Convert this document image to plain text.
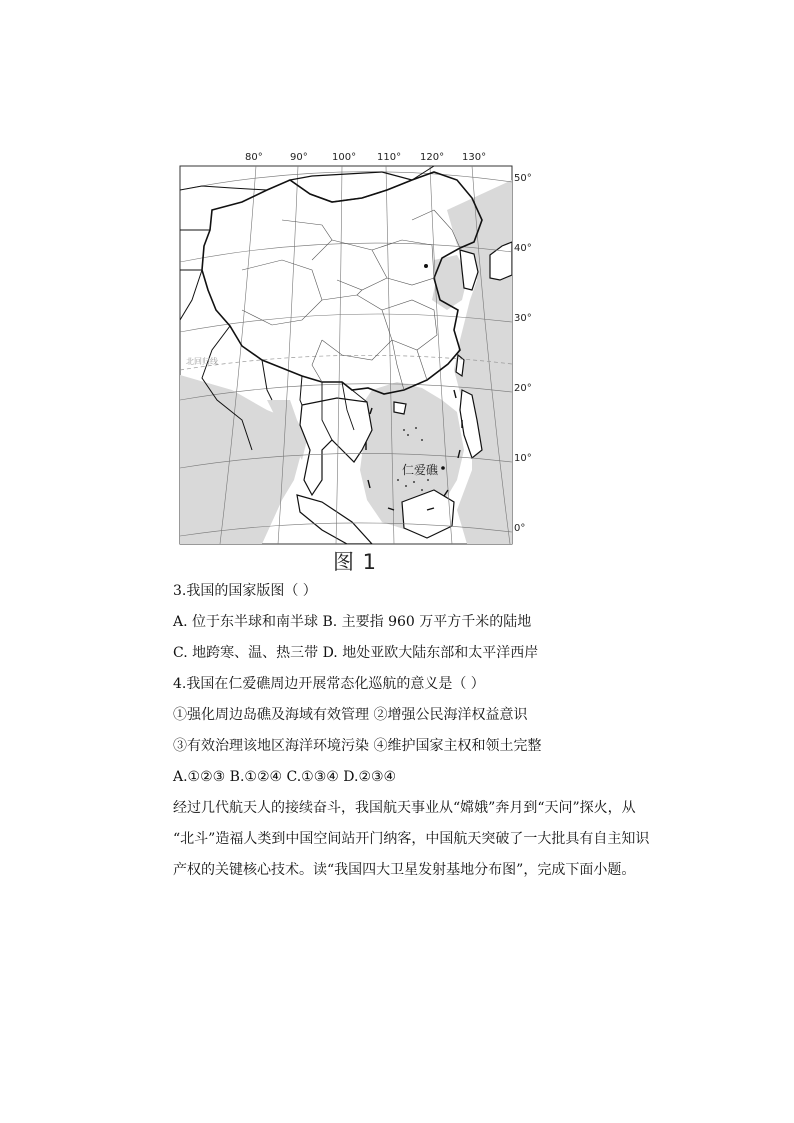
80°	90° 100° 110° 120° 130°
50°
40°
30°
20°
10°
0°
北回归线
仁爱礁
图 1
3.我国的国家版图（ ）
A. 位于东半球和南半球 B. 主要指 960 万平方千米的陆地
C. 地跨寒、温、热三带 D. 地处亚欧大陆东部和太平洋西岸
4.我国在仁爱礁周边开展常态化巡航的意义是（ ）
①强化周边岛礁及海域有效管理 ②增强公民海洋权益意识
③有效治理该地区海洋环境污染 ④维护国家主权和领土完整
A.①②③ B.①②④ C.①③④ D.②③④
经过几代航天人的接续奋斗，我国航天事业从“嫦娥”奔月到“天问”探火，从
“北斗”造福人类到中国空间站开门纳客，中国航天突破了一大批具有自主知识
产权的关键核心技术。读“我国四大卫星发射基地分布图”，完成下面小题。
